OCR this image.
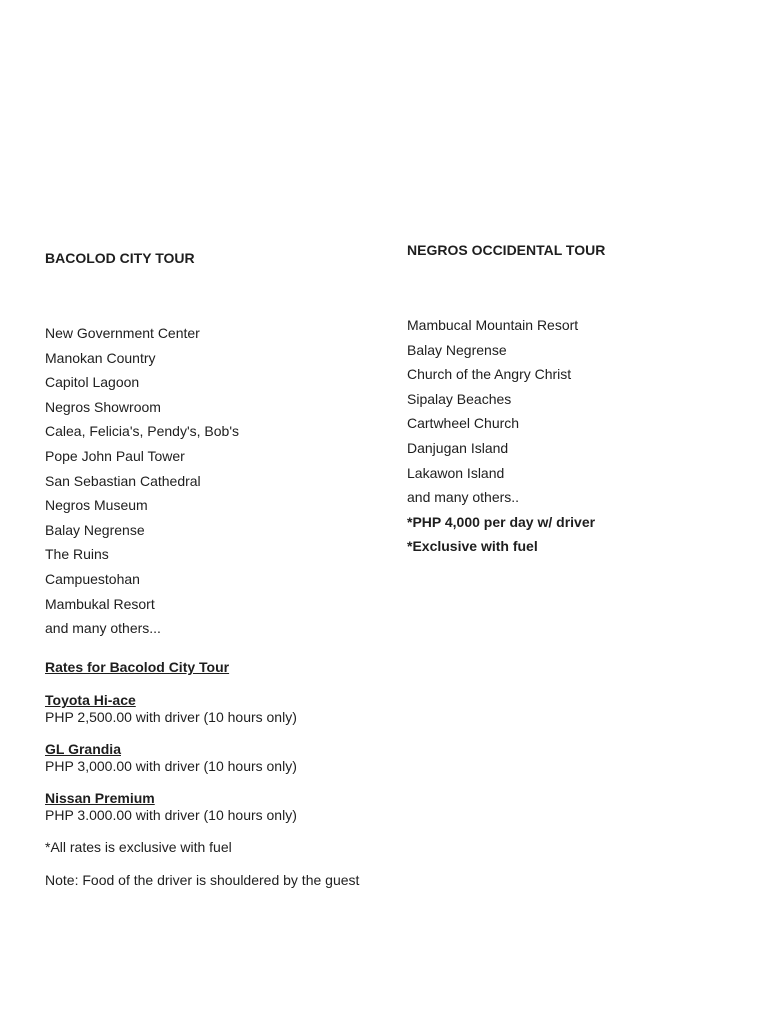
BACOLOD CITY TOUR
New Government Center
Manokan Country
Capitol Lagoon
Negros Showroom
Calea, Felicia's, Pendy's, Bob's
Pope John Paul Tower
San Sebastian Cathedral
Negros Museum
Balay Negrense
The Ruins
Campuestohan
Mambukal Resort
and many others...
NEGROS OCCIDENTAL TOUR
Mambucal Mountain Resort
Balay Negrense
Church of the Angry Christ
Sipalay Beaches
Cartwheel Church
Danjugan Island
Lakawon Island
and many others..
*PHP 4,000 per day w/ driver
*Exclusive with fuel
Rates for Bacolod City Tour
Toyota Hi-ace
PHP 2,500.00 with driver (10 hours only)
GL Grandia
PHP 3,000.00 with driver (10 hours only)
Nissan Premium
PHP 3.000.00 with driver (10 hours only)
*All rates is exclusive with fuel
Note: Food of the driver is shouldered by the guest
